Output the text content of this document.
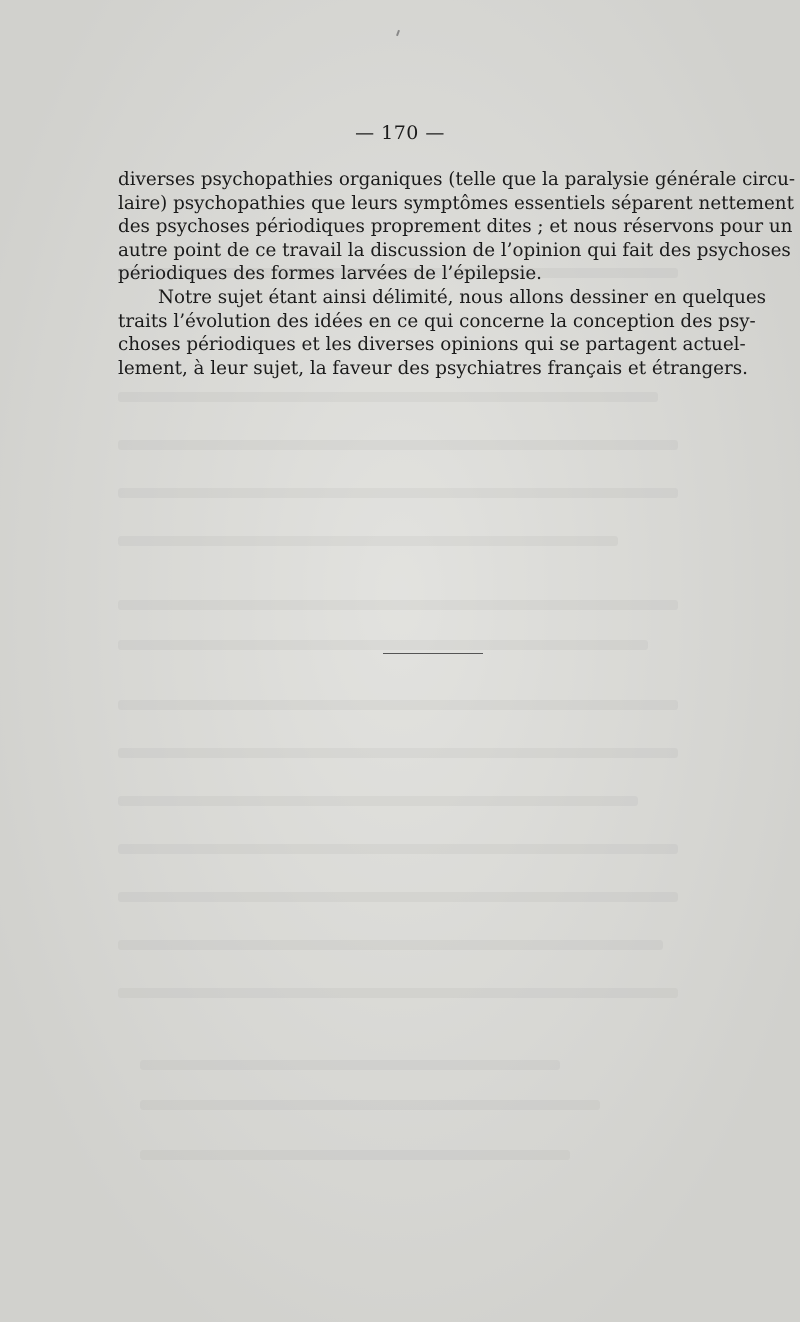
— 170 —
diverses psychopathies organiques (telle que la paralysie générale circu-
laire) psychopathies que leurs symptômes essentiels séparent nettement
des psychoses périodiques proprement dites ; et nous réservons pour un
autre point de ce travail la discussion de l’opinion qui fait des psychoses
périodiques des formes larvées de l’épilepsie.
Notre sujet étant ainsi délimité, nous allons dessiner en quelques
traits l’évolution des idées en ce qui concerne la conception des psy-
choses périodiques et les diverses opinions qui se partagent actuel-
lement, à leur sujet, la faveur des psychiatres français et étrangers.
